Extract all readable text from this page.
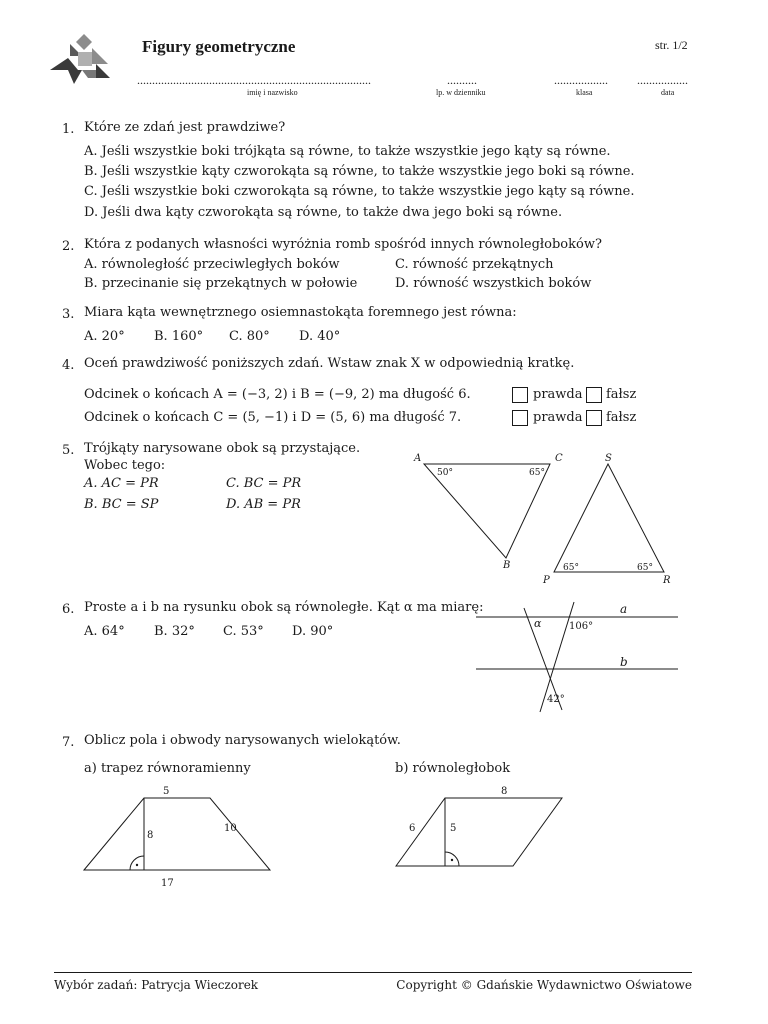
Figury geometryczne	str. 1/2
..............................................................................	..........	.................. .................
imię i nazwisko	lp. w dzienniku	klasa	data
1. Które ze zdań jest prawdziwe?
A. Jeśli wszystkie boki trójkąta są równe, to także wszystkie jego kąty są równe.
B. Jeśli wszystkie kąty czworokąta są równe, to także wszystkie jego boki są równe.
C. Jeśli wszystkie boki czworokąta są równe, to także wszystkie jego kąty są równe.
D. Jeśli dwa kąty czworokąta są równe, to także dwa jego boki są równe.
2. Która z podanych własności wyróżnia romb spośród innych równoległoboków?
A. równoległość przeciwległych boków	C. równość przekątnych
B. przecinanie się przekątnych w połowie	D. równość wszystkich boków
3. Miara kąta wewnętrznego osiemnastokąta foremnego jest równa:
A. 20° B. 160° C. 80° D. 40°
4. Oceń prawdziwość poniższych zdań. Wstaw znak X w odpowiednią kratkę.
Odcinek o końcach A = (−3, 2) i B = (−9, 2) ma długość 6.	prawda fałsz
Odcinek o końcach C = (5, −1) i D = (5, 6) ma długość 7.	prawda fałsz
5. Trójkąty narysowane obok są przystające.
Wobec tego:
A. AC = PR	C. BC = PR
B. BC = SP	D. AB = PR
A	C
B
S
P	R
50°	65°
65°	65°
6. Proste a i b na rysunku obok są równoległe. Kąt α ma miarę:
A. 64° B. 32° C. 53° D. 90°
a
b
α	106°
42°
7. Oblicz pola i obwody narysowanych wielokątów.
a) trapez równoramienny	b) równoległobok
5
8
10
17
8
6	5
Wybór zadań: Patrycja Wieczorek	Copyright © Gdańskie Wydawnictwo Oświatowe
